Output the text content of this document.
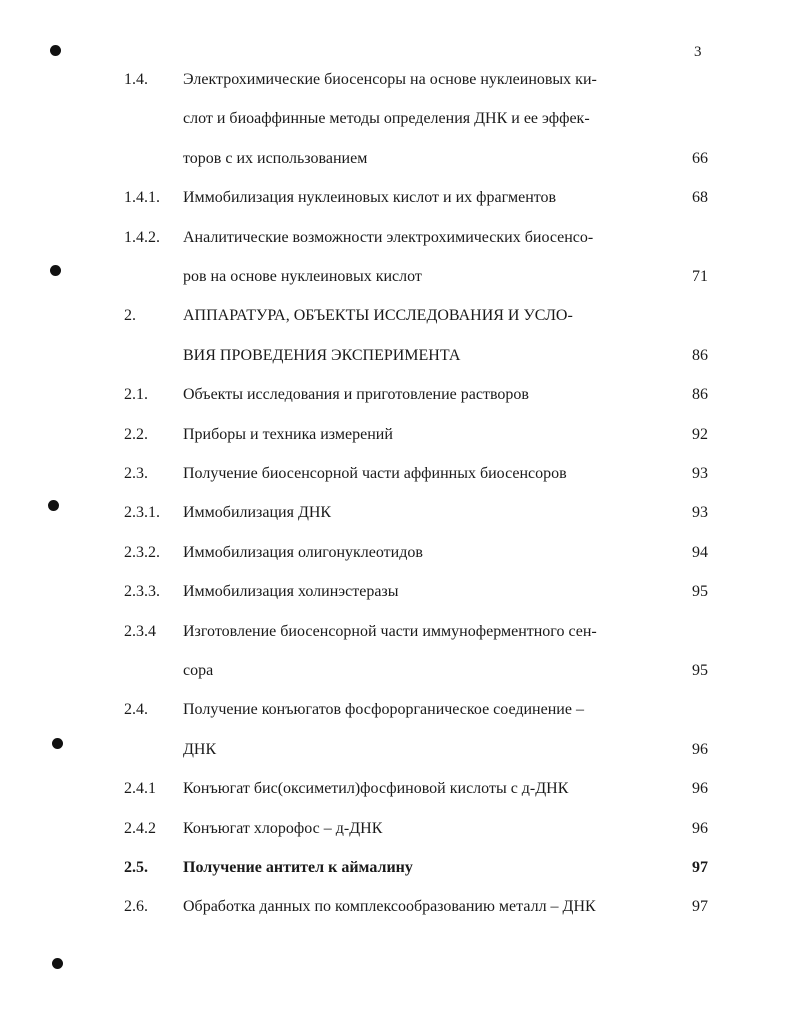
3
1.4. Электрохимические биосенсоры на основе нуклеиновых ки-
слот и биоаффинные методы определения ДНК и ее эффек-
торов с их использованием	66
1.4.1. Иммобилизация нуклеиновых кислот и их фрагментов	68
1.4.2. Аналитические возможности электрохимических биосенсо-
ров на основе нуклеиновых кислот	71
2.	АППАРАТУРА, ОБЪЕКТЫ ИССЛЕДОВАНИЯ И УСЛО-
ВИЯ ПРОВЕДЕНИЯ ЭКСПЕРИМЕНТА	86
2.1. Объекты исследования и приготовление растворов	86
2.2. Приборы и техника измерений	92
2.3. Получение биосенсорной части аффинных биосенсоров	93
2.3.1. Иммобилизация ДНК	93
2.3.2. Иммобилизация олигонуклеотидов	94
2.3.3. Иммобилизация холинэстеразы	95
2.3.4 Изготовление биосенсорной части иммуноферментного сен-
сора	95
2.4. Получение конъюгатов фосфорорганическое соединение –
ДНК	96
2.4.1 Конъюгат бис(оксиметил)фосфиновой кислоты с д-ДНК	96
2.4.2 Конъюгат хлорофос – д-ДНК	96
2.5. Получение антител к аймалину	97
2.6. Обработка данных по комплексообразованию металл – ДНК	97
